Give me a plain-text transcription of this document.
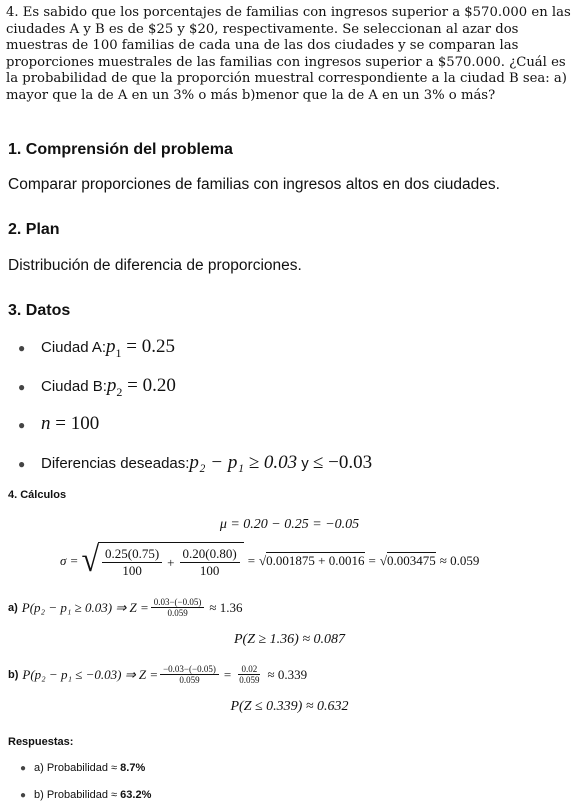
4. Es sabido que los porcentajes de familias con ingresos superior a $570.000 en las ciudades A y B es de $25 y $20, respectivamente. Se seleccionan al azar dos muestras de 100 familias de cada una de las dos ciudades y se comparan las proporciones muestrales de las familias con ingresos superior a $570.000. ¿Cuál es la probabilidad de que la proporción muestral correspondiente a la ciudad B sea: a) mayor que la de A en un 3% o más b)menor que la de A en un 3% o más?
1. Comprensión del problema
Comparar proporciones de familias con ingresos altos en dos ciudades.
2. Plan
Distribución de diferencia de proporciones.
3. Datos
●	Ciudad A: $p_1 = 0.25$
●	Ciudad B: $p_2 = 0.20$
● n = 100
●	Diferencias deseadas: p₂ − p₁ ≥ 0.03 y ≤ −0.03
4. Cálculos
μ = 0.20 − 0.25 = −0.05
σ = √ $\frac{0.25(0.75)}{100} + \frac{0.20(0.80)}{100}$ = √ 0.001875 + 0.0016 = √ 0.003475 ≈ 0.059
a) P(p₂ − p₁ ≥ 0.03) ⇒ $Z = \frac{0.03-(-0.05)}{0.059} \approx 1.36$
P(Z ≥ 1.36) ≈ 0.087
b) P(p₂ − p₁ ≤ −0.03) ⇒ $Z = \frac{-0.03-(-0.05)}{0.059} = \frac{0.02}{0.059} \approx 0.339$
P(Z ≤ 0.339) ≈ 0.632
Respuestas:
● a) Probabilidad ≈ 8.7%
● b) Probabilidad ≈ 63.2%
